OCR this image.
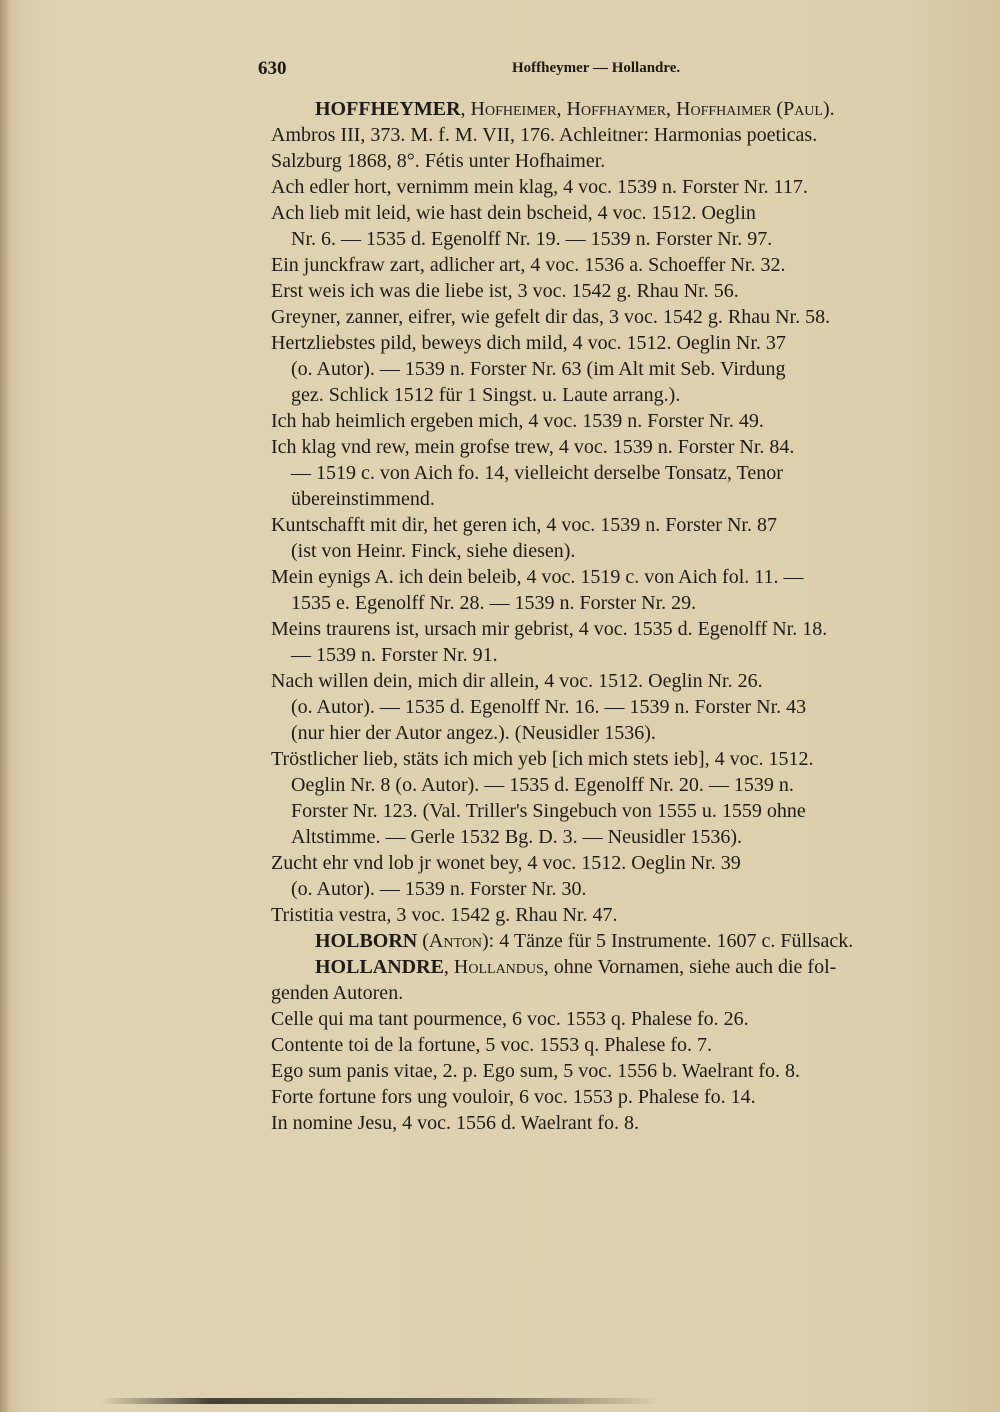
630	Hoffheymer — Hollandre.
HOFFHEYMER, Hofheimer, Hoffhaymer, Hoffhaimer (Paul).
Ambros III, 373. M. f. M. VII, 176. Achleitner: Harmonias poeticas.
Salzburg 1868, 8°. Fétis unter Hofhaimer.
Ach edler hort, vernimm mein klag, 4 voc. 1539 n. Forster Nr. 117.
Ach lieb mit leid, wie hast dein bscheid, 4 voc. 1512. Oeglin
Nr. 6. — 1535 d. Egenolff Nr. 19. — 1539 n. Forster Nr. 97.
Ein junckfraw zart, adlicher art, 4 voc. 1536 a. Schoeffer Nr. 32.
Erst weis ich was die liebe ist, 3 voc. 1542 g. Rhau Nr. 56.
Greyner, zanner, eifrer, wie gefelt dir das, 3 voc. 1542 g. Rhau Nr. 58.
Hertzliebstes pild, beweys dich mild, 4 voc. 1512. Oeglin Nr. 37
(o. Autor). — 1539 n. Forster Nr. 63 (im Alt mit Seb. Virdung
gez. Schlick 1512 für 1 Singst. u. Laute arrang.).
Ich hab heimlich ergeben mich, 4 voc. 1539 n. Forster Nr. 49.
Ich klag vnd rew, mein grofse trew, 4 voc. 1539 n. Forster Nr. 84.
— 1519 c. von Aich fo. 14, vielleicht derselbe Tonsatz, Tenor
übereinstimmend.
Kuntschafft mit dir, het geren ich, 4 voc. 1539 n. Forster Nr. 87
(ist von Heinr. Finck, siehe diesen).
Mein eynigs A. ich dein beleib, 4 voc. 1519 c. von Aich fol. 11. —
1535 e. Egenolff Nr. 28. — 1539 n. Forster Nr. 29.
Meins traurens ist, ursach mir gebrist, 4 voc. 1535 d. Egenolff Nr. 18.
— 1539 n. Forster Nr. 91.
Nach willen dein, mich dir allein, 4 voc. 1512. Oeglin Nr. 26.
(o. Autor). — 1535 d. Egenolff Nr. 16. — 1539 n. Forster Nr. 43
(nur hier der Autor angez.). (Neusidler 1536).
Tröstlicher lieb, stäts ich mich yeb [ich mich stets ieb], 4 voc. 1512.
Oeglin Nr. 8 (o. Autor). — 1535 d. Egenolff Nr. 20. — 1539 n.
Forster Nr. 123. (Val. Triller's Singebuch von 1555 u. 1559 ohne
Altstimme. — Gerle 1532 Bg. D. 3. — Neusidler 1536).
Zucht ehr vnd lob jr wonet bey, 4 voc. 1512. Oeglin Nr. 39
(o. Autor). — 1539 n. Forster Nr. 30.
Tristitia vestra, 3 voc. 1542 g. Rhau Nr. 47.
HOLBORN (Anton): 4 Tänze für 5 Instrumente. 1607 c. Füllsack.
HOLLANDRE, Hollandus, ohne Vornamen, siehe auch die fol-
genden Autoren.
Celle qui ma tant pourmence, 6 voc. 1553 q. Phalese fo. 26.
Contente toi de la fortune, 5 voc. 1553 q. Phalese fo. 7.
Ego sum panis vitae, 2. p. Ego sum, 5 voc. 1556 b. Waelrant fo. 8.
Forte fortune fors ung vouloir, 6 voc. 1553 p. Phalese fo. 14.
In nomine Jesu, 4 voc. 1556 d. Waelrant fo. 8.
